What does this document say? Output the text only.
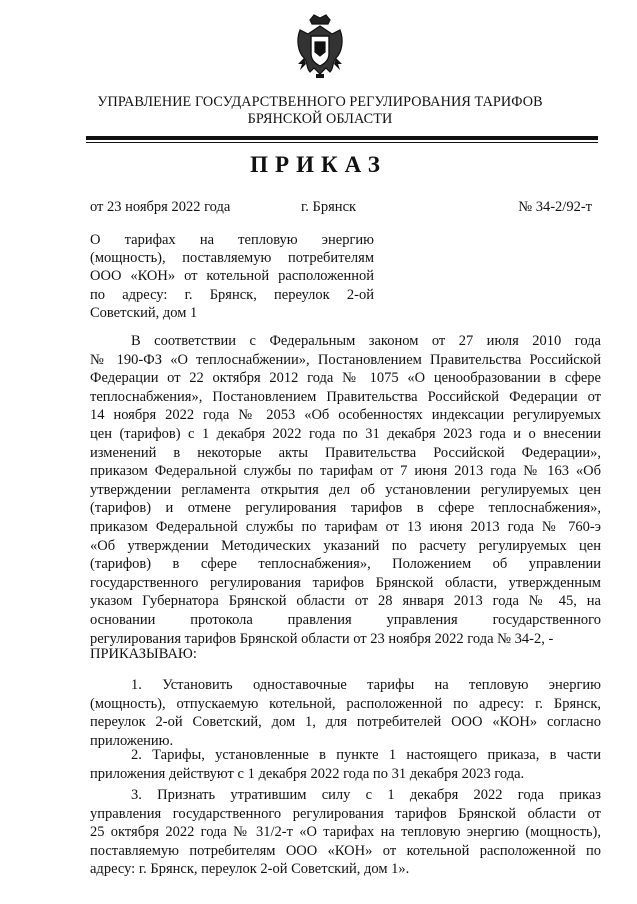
УПРАВЛЕНИЕ ГОСУДАРСТВЕННОГО РЕГУЛИРОВАНИЯ ТАРИФОВ
БРЯНСКОЙ ОБЛАСТИ
ПРИКАЗ
от 23 ноября 2022 года	г. Брянск	№ 34-2/92-т
О тарифах на тепловую энергию
(мощность), поставляемую потребителям
ООО «КОН» от котельной расположенной
по адресу: г. Брянск, переулок 2-ой
Советский, дом 1
В соответствии с Федеральным законом от 27 июля 2010 года
№ 190-ФЗ «О теплоснабжении», Постановлением Правительства Российской
Федерации от 22 октября 2012 года № 1075 «О ценообразовании в сфере
теплоснабжения», Постановлением Правительства Российской Федерации от
14 ноября 2022 года № 2053 «Об особенностях индексации регулируемых
цен (тарифов) с 1 декабря 2022 года по 31 декабря 2023 года и о внесении
изменений в некоторые акты Правительства Российской Федерации»,
приказом Федеральной службы по тарифам от 7 июня 2013 года № 163 «Об
утверждении регламента открытия дел об установлении регулируемых цен
(тарифов) и отмене регулирования тарифов в сфере теплоснабжения»,
приказом Федеральной службы по тарифам от 13 июня 2013 года № 760-э
«Об утверждении Методических указаний по расчету регулируемых цен
(тарифов) в сфере теплоснабжения», Положением об управлении
государственного регулирования тарифов Брянской области, утвержденным
указом Губернатора Брянской области от 28 января 2013 года № 45, на
основании протокола правления управления государственного
регулирования тарифов Брянской области от 23 ноября 2022 года № 34-2, -
ПРИКАЗЫВАЮ:
1. Установить одноставочные тарифы на тепловую энергию
(мощность), отпускаемую котельной, расположенной по адресу: г. Брянск,
переулок 2-ой Советский, дом 1, для потребителей ООО «КОН» согласно
приложению.
2. Тарифы, установленные в пункте 1 настоящего приказа, в части
приложения действуют с 1 декабря 2022 года по 31 декабря 2023 года.
3. Признать утратившим силу с 1 декабря 2022 года приказ
управления государственного регулирования тарифов Брянской области от
25 октября 2022 года № 31/2-т «О тарифах на тепловую энергию (мощность),
поставляемую потребителям ООО «КОН» от котельной расположенной по
адресу: г. Брянск, переулок 2-ой Советский, дом 1».
